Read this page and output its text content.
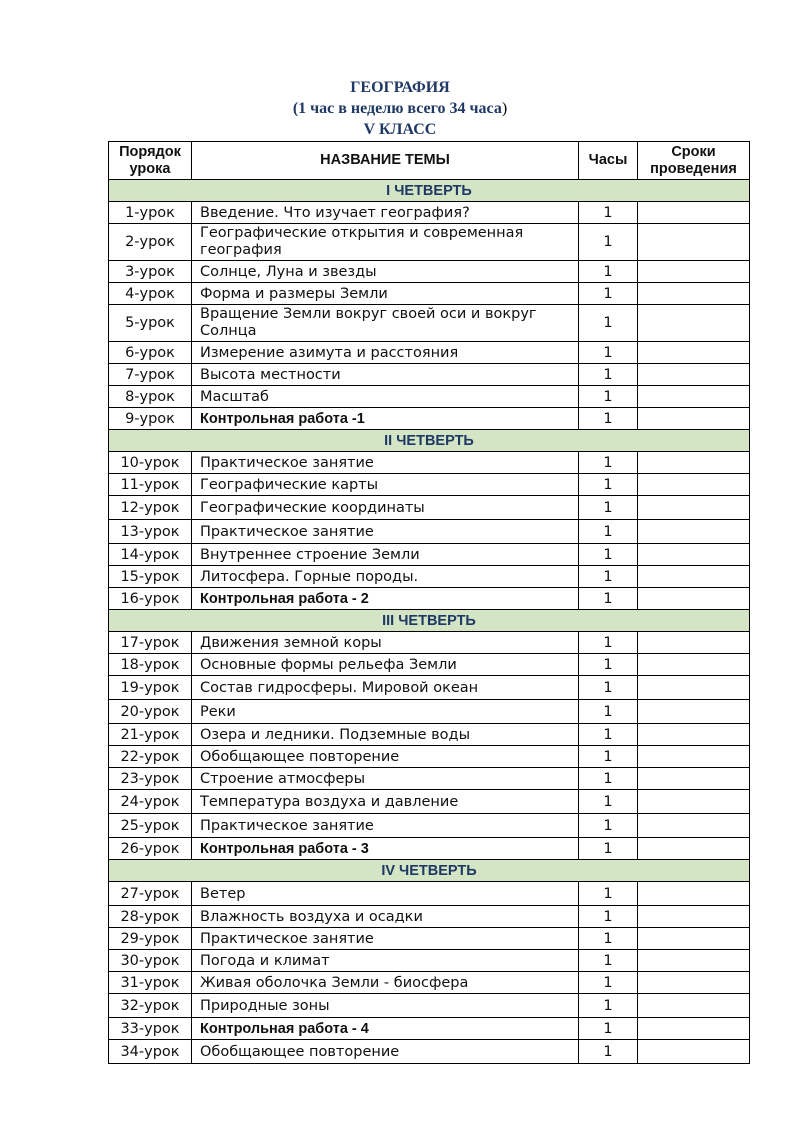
ГЕОГРАФИЯ
(1 час в неделю всего 34 часа)
V КЛАСС
Порядок урока	НАЗВАНИЕ ТЕМЫ	Часы	Сроки проведения
I ЧЕТВЕРТЬ			
1-урок	Введение. Что изучает география?	1	
2-урок	Географические открытия и современная география	1	
3-урок	Солнце, Луна и звезды	1	
4-урок	Форма и размеры Земли	1	
5-урок	Вращение Земли вокруг своей оси и вокруг Солнца	1	
6-урок	Измерение азимута и расстояния	1	
7-урок	Высота местности	1	
8-урок	Масштаб	1	
9-урок	Контрольная работа -1	1	
II ЧЕТВЕРТЬ			
10-урок	Практическое занятие	1	
11-урок	Географические карты	1	
12-урок	Географические координаты	1	
13-урок	Практическое занятие	1	
14-урок	Внутреннее строение Земли	1	
15-урок	Литосфера. Горные породы.	1	
16-урок	Контрольная работа - 2	1	
III ЧЕТВЕРТЬ			
17-урок	Движения земной коры	1	
18-урок	Основные формы рельефа Земли	1	
19-урок	Состав гидросферы. Мировой океан	1	
20-урок	Реки	1	
21-урок	Озера и ледники. Подземные воды	1	
22-урок	Обобщающее повторение	1	
23-урок	Строение атмосферы	1	
24-урок	Температура воздуха и давление	1	
25-урок	Практическое занятие	1	
26-урок	Контрольная работа - 3	1	
IV ЧЕТВЕРТЬ			
27-урок	Ветер	1	
28-урок	Влажность воздуха и осадки	1	
29-урок	Практическое занятие	1	
30-урок	Погода и климат	1	
31-урок	Живая оболочка Земли - биосфера	1	
32-урок	Природные зоны	1	
33-урок	Контрольная работа - 4	1	
34-урок	Обобщающее повторение	1	
